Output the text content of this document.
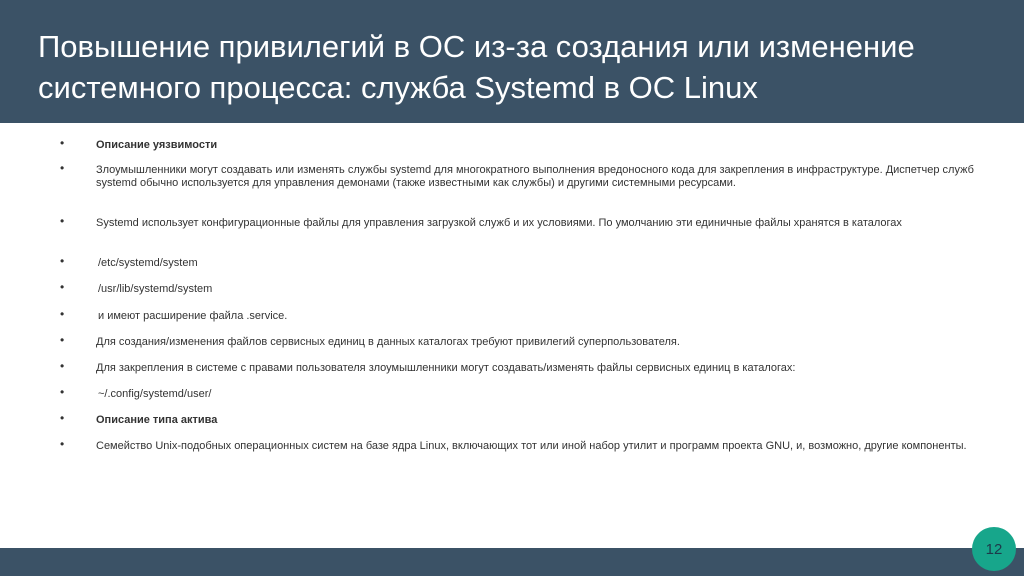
Повышение привилегий в ОС из-за создания или изменение системного процесса: служба Systemd в ОС Linux
•	Описание уязвимости

•	Злоумышленники могут создавать или изменять службы systemd для многократного выполнения вредоносного кода для закрепления в инфраструктуре. Диспетчер служб systemd обычно используется для управления демонами (также известными как службы) и другими системными ресурсами.

•	Systemd использует конфигурационные файлы для управления загрузкой служб и их условиями. По умолчанию эти единичные файлы хранятся в каталогах

•	/etc/systemd/system

•	/usr/lib/systemd/system

•	и имеют расширение файла .service.

•	Для создания/изменения файлов сервисных единиц в данных каталогах требуют привилегий суперпользователя.

•	Для закрепления в системе с правами пользователя злоумышленники могут создавать/изменять файлы сервисных единиц в каталогах:

•	~/.config/systemd/user/

•	Описание типа актива

•	Семейство Unix-подобных операционных систем на базе ядра Linux, включающих тот или иной набор утилит и программ проекта GNU, и, возможно, другие компоненты.

12
